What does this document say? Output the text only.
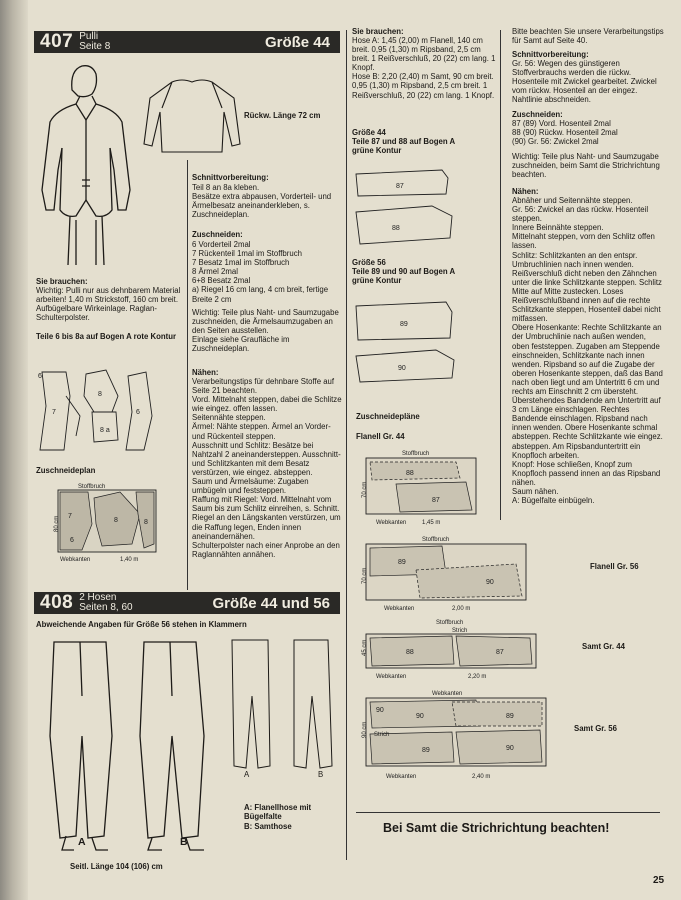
407 Pulli
Seite 8	Größe 44
Rückw. Länge 72 cm
Sie brauchen:
Wichtig: Pulli nur aus dehnbarem Material arbeiten! 1,40 m Strickstoff, 160 cm breit. Aufbügelbare Wirkeinlage. Raglan-Schulterpolster.
Teile 6 bis 8a auf Bogen A rote Kontur
7
8
8 a
6
6
Zuschneideplan
Stoffbruch
Webkanten	1,40 m
80 cm 7
8
6
8
Schnittvorbereitung:
Teil 8 an 8a kleben.
Besätze extra abpausen, Vorderteil- und Ärmelbesatz aneinanderkleben, s. Zuschneideplan.
Zuschneiden:
6 Vorderteil 2mal
7 Rückenteil 1mal im Stoffbruch
7 Besatz 1mal im Stoffbruch
8 Ärmel 2mal
6+8 Besatz 2mal
a) Riegel 16 cm lang, 4 cm breit, fertige Breite 2 cm
Wichtig: Teile plus Naht- und Saumzugabe zuschneiden, die Ärmelsaumzugaben an den Seiten ausstellen.
Einlage siehe Graufläche im Zuschneideplan.
Nähen:
Verarbeitungstips für dehnbare Stoffe auf Seite 21 beachten.
Vord. Mittelnaht steppen, dabei die Schlitze wie eingez. offen lassen.
Seitennähte steppen.
Ärmel: Nähte steppen. Ärmel an Vorder- und Rückenteil steppen.
Ausschnitt und Schlitz: Besätze bei Nahtzahl 2 aneinandersteppen. Ausschnitt- und Schlitzkanten mit dem Besatz verstürzen, wie eingez. absteppen.
Saum und Ärmelsäume: Zugaben umbügeln und feststeppen.
Raffung mit Riegel: Vord. Mittelnaht vom Saum bis zum Schlitz einreihen, s. Schnitt. Riegel an den Längskanten verstürzen, um die Raffung legen, Enden innen aneinandernähen.
Schulterpolster nach einer Anprobe an den Raglannähten annähen.
408 2 Hosen
Seiten 8, 60	Größe 44 und 56
Abweichende Angaben für Größe 56 stehen in Klammern
A	B
A	B
A: Flanellhose mit Bügelfalte
B: Samthose
Seitl. Länge 104 (106) cm
Sie brauchen:
Hose A: 1,45 (2,00) m Flanell, 140 cm breit. 0,95 (1,30) m Ripsband, 2,5 cm breit. 1 Reißverschluß, 20 (22) cm lang. 1 Knopf.
Hose B: 2,20 (2,40) m Samt, 90 cm breit. 0,95 (1,30) m Ripsband, 2,5 cm breit. 1 Reißverschluß, 20 (22) cm lang. 1 Knopf.
Größe 44
Teile 87 und 88 auf Bogen A
grüne Kontur
87
88
Größe 56
Teile 89 und 90 auf Bogen A
grüne Kontur
89
90
Zuschneidepläne
Flanell Gr. 44
88
87
Stoffbruch
Webkanten	1,45 m
70 cm
89
90
Stoffbruch
Webkanten	2,00 m
70 cm
Flanell Gr. 56
88	87
Stoffbruch
Strich
Webkanten	2,20 m
45 cm	Samt Gr. 44
90
90	89
89	90
Webkanten
Strich
Webkanten	2,40 m
90 cm	Samt Gr. 56
Bei Samt die Strichrichtung beachten!
Bitte beachten Sie unsere Verarbeitungstips für Samt auf Seite 40.
Schnittvorbereitung:
Gr. 56: Wegen des günstigeren Stoffverbrauchs werden die rückw. Hosenteile mit Zwickel gearbeitet. Zwickel vom rückw. Hosenteil an der eingez. Nahtlinie abschneiden.
Zuschneiden:
87 (89) Vord. Hosenteil 2mal
88 (90) Rückw. Hosenteil 2mal
(90) Gr. 56: Zwickel 2mal
Wichtig: Teile plus Naht- und Saumzugabe zuschneiden, beim Samt die Strichrichtung beachten.
Nähen:
Abnäher und Seitennähte steppen.
Gr. 56: Zwickel an das rückw. Hosenteil steppen.
Innere Beinnähte steppen.
Mittelnaht steppen, vorn den Schlitz offen lassen.
Schlitz: Schlitzkanten an den entspr. Umbruchlinien nach innen wenden. Reißverschluß dicht neben den Zähnchen unter die linke Schlitzkante steppen. Schlitz Mitte auf Mitte zustecken. Loses Reißverschlußband innen auf die rechte Schlitzkante steppen, Hosenteil dabei nicht mitfassen.
Obere Hosenkante: Rechte Schlitzkante an der Umbruchlinie nach außen wenden, oben feststeppen. Zugaben am Steppende einschneiden, Schlitzkante nach innen wenden. Ripsband so auf die Zugabe der oberen Hosenkante steppen, daß das Band nach oben liegt und am Untertritt 6 cm und rechts am Einschnitt 2 cm übersteht. Überstehendes Bandende am Untertritt auf 3 cm Länge einschlagen. Rechtes Bandende einschlagen. Ripsband nach innen wenden. Obere Hosenkante schmal absteppen. Rechte Schlitzkante wie eingez. absteppen. Am Ripsbanduntertritt ein Knopfloch arbeiten.
Knopf: Hose schließen, Knopf zum Knopfloch passend innen an das Ripsband nähen.
Saum nähen.
A: Bügelfalte einbügeln.
25
